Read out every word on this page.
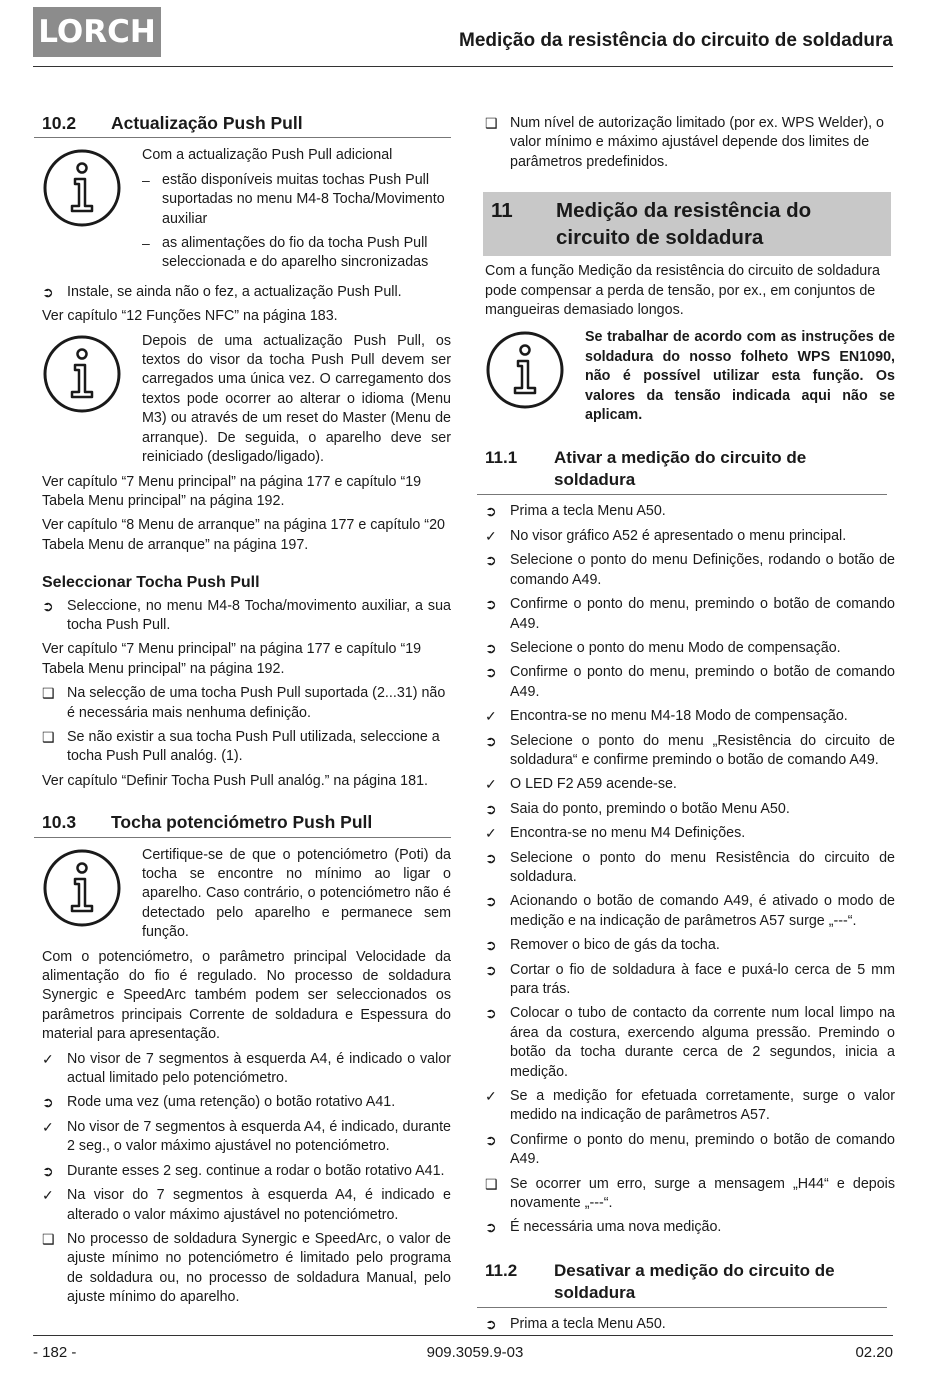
LORCH	Medição da resistência do circuito de soldadura
10.2	Actualização Push Pull

Com a actualização Push Pull adicional

– estão disponíveis muitas tochas Push Pull suportadas no menu M4-8 Tocha/Movimento auxiliar
– as alimentações do fio da tocha Push Pull seleccionada e do aparelho sincronizadas
➲ Instale, se ainda não o fez, a actualização Push Pull.

Ver capítulo “12 Funções NFC” na página 183.

Depois de uma actualização Push Pull, os textos do visor da tocha Push Pull devem ser carregados uma única vez. O carregamento dos textos pode ocorrer ao alterar o idioma (Menu M3) ou através de um reset do Master (Menu de arranque). De seguida, o aparelho deve ser reiniciado (desligado/ligado).

Ver capítulo “7 Menu principal” na página 177 e capítulo “19 Tabela Menu principal” na página 192.

Ver capítulo “8 Menu de arranque” na página 177 e capítulo “20 Tabela Menu de arranque” na página 197.

Seleccionar Tocha Push Pull
➲ Seleccione, no menu M4-8 Tocha/movimento auxiliar, a sua tocha Push Pull.

Ver capítulo “7 Menu principal” na página 177 e capítulo “19 Tabela Menu principal” na página 192.

❑ Na selecção de uma tocha Push Pull suportada (2...31) não é necessária mais nenhuma definição.
❑ Se não existir a sua tocha Push Pull utilizada, seleccione a tocha Push Pull analóg. (1).

Ver capítulo “Definir Tocha Push Pull analóg.” na página 181.

10.3	Tocha potenciómetro Push Pull
Certifique-se de que o potenciómetro (Poti) da tocha se encontre no mínimo ao ligar o aparelho. Caso contrário, o potenciómetro não é detectado pelo aparelho e permanece sem função.

Com o potenciómetro, o parâmetro principal Velocidade da alimentação do fio é regulado. No processo de soldadura Synergic e SpeedArc também podem ser seleccionados os parâmetros principais Corrente de soldadura e Espessura do material para apresentação.

✓ No visor de 7 segmentos à esquerda A4, é indicado o valor actual limitado pelo potenciómetro.
➲ Rode uma vez (uma retenção) o botão rotativo A41.
✓ No visor de 7 segmentos à esquerda A4, é indicado, durante 2 seg., o valor máximo ajustável no potenciómetro.
➲ Durante esses 2 seg. continue a rodar o botão rotativo A41.
✓ Na visor do 7 segmentos à esquerda A4, é indicado e alterado o valor máximo ajustável no potenciómetro.
❑ No processo de soldadura Synergic e SpeedArc, o valor de ajuste mínimo no potenciómetro é limitado pelo programa de soldadura ou, no processo de soldadura Manual, pelo ajuste mínimo do aparelho.
❑ Num nível de autorização limitado (por ex. WPS Welder), o valor mínimo e máximo ajustável depende dos limites de parâmetros predefinidos.
11	Medição da resistência do circuito de soldadura

Com a função Medição da resistência do circuito de soldadura pode compensar a perda de tensão, por ex., em conjuntos de mangueiras demasiado longos.

Se trabalhar de acordo com as instruções de soldadura do nosso folheto WPS EN1090, não é possível utilizar esta função. Os valores da tensão indicada aqui não se aplicam.
11.1	Ativar a medição do circuito de soldadura
➲ Prima a tecla Menu A50.
✓ No visor gráfico A52 é apresentado o menu principal.
➲ Selecione o ponto do menu Definições, rodando o botão de comando A49.
➲ Confirme o ponto do menu, premindo o botão de comando A49.
➲ Selecione o ponto do menu Modo de compensação.
➲ Confirme o ponto do menu, premindo o botão de comando A49.
✓ Encontra-se no menu M4-18 Modo de compensação.
➲ Selecione o ponto do menu „Resistência do circuito de soldadura“ e confirme premindo o botão de comando A49.
✓ O LED F2 A59 acende-se.
➲ Saia do ponto, premindo o botão Menu A50.
✓ Encontra-se no menu M4 Definições.
➲ Selecione o ponto do menu Resistência do circuito de soldadura.
➲ Acionando o botão de comando A49, é ativado o modo de medição e na indicação de parâmetros A57 surge „---“.
➲ Remover o bico de gás da tocha.
➲ Cortar o fio de soldadura à face e puxá-lo cerca de 5 mm para trás.
➲ Colocar o tubo de contacto da corrente num local limpo na área da costura, exercendo alguma pressão. Premindo o botão da tocha durante cerca de 2 segundos, inicia a medição.
✓ Se a medição for efetuada corretamente, surge o valor medido na indicação de parâmetros A57.
➲ Confirme o ponto do menu, premindo o botão de comando A49.
❑ Se ocorrer um erro, surge a mensagem „H44“ e depois novamente „---“.
➲ É necessária uma nova medição.
11.2	Desativar a medição do circuito de soldadura
➲ Prima a tecla Menu A50.
- 182 -	909.3059.9-03	02.20
